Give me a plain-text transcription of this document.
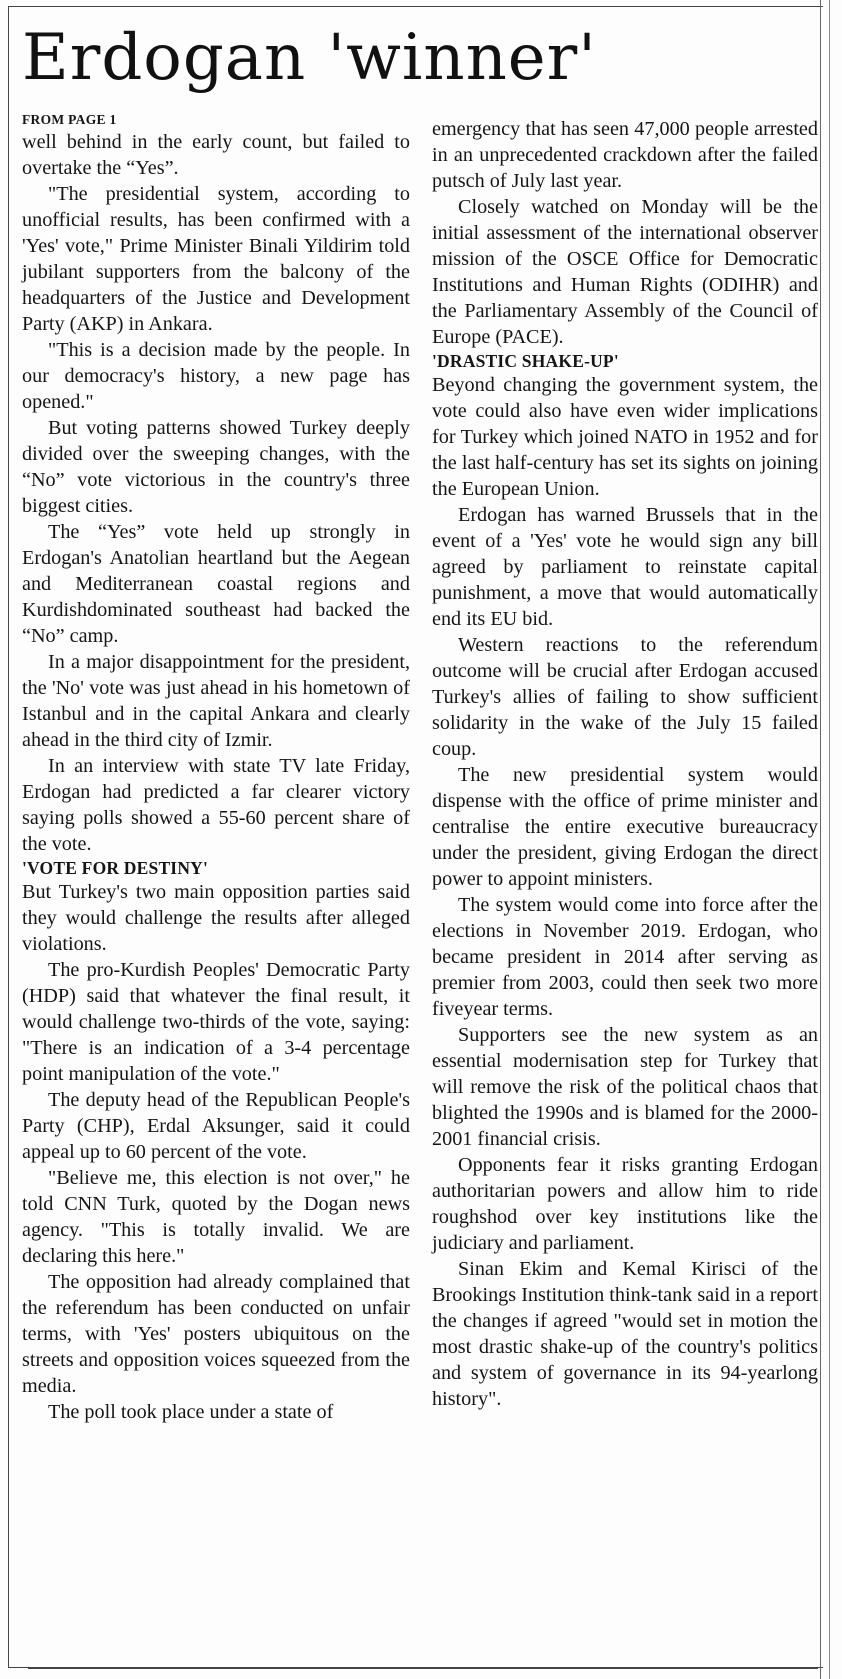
Erdogan 'winner'
FROM PAGE 1

well behind in the early count, but failed to overtake the “Yes”.

"The presidential system, according to unofficial results, has been confirmed with a 'Yes' vote," Prime Minister Binali Yildirim told jubilant supporters from the balcony of the headquarters of the Justice and Development Party (AKP) in Ankara.

"This is a decision made by the people. In our democracy's history, a new page has opened."

But voting patterns showed Turkey deeply divided over the sweeping changes, with the “No” vote victorious in the country's three biggest cities.

The “Yes” vote held up strongly in Erdogan's Anatolian heartland but the Aegean and Mediterranean coastal regions and Kurdishdominated southeast had backed the “No” camp.

In a major disappointment for the president, the 'No' vote was just ahead in his hometown of Istanbul and in the capital Ankara and clearly ahead in the third city of Izmir.

In an interview with state TV late Friday, Erdogan had predicted a far clearer victory saying polls showed a 55-60 percent share of the vote.

'VOTE FOR DESTINY'

But Turkey's two main opposition parties said they would challenge the results after alleged violations.

The pro-Kurdish Peoples' Democratic Party (HDP) said that whatever the final result, it would challenge two-thirds of the vote, saying: "There is an indication of a 3-4 percentage point manipulation of the vote."

The deputy head of the Republican People's Party (CHP), Erdal Aksunger, said it could appeal up to 60 percent of the vote.

"Believe me, this election is not over," he told CNN Turk, quoted by the Dogan news agency. "This is totally invalid. We are declaring this here."

The opposition had already complained that the referendum has been conducted on unfair terms, with 'Yes' posters ubiquitous on the streets and opposition voices squeezed from the media.

The poll took place under a state of

emergency that has seen 47,000 people arrested in an unprecedented crackdown after the failed putsch of July last year.

Closely watched on Monday will be the initial assessment of the international observer mission of the OSCE Office for Democratic Institutions and Human Rights (ODIHR) and the Parliamentary Assembly of the Council of Europe (PACE).

'DRASTIC SHAKE-UP'

Beyond changing the government system, the vote could also have even wider implications for Turkey which joined NATO in 1952 and for the last half-century has set its sights on joining the European Union.

Erdogan has warned Brussels that in the event of a 'Yes' vote he would sign any bill agreed by parliament to reinstate capital punishment, a move that would automatically end its EU bid.

Western reactions to the referendum outcome will be crucial after Erdogan accused Turkey's allies of failing to show sufficient solidarity in the wake of the July 15 failed coup.

The new presidential system would dispense with the office of prime minister and centralise the entire executive bureaucracy under the president, giving Erdogan the direct power to appoint ministers.

The system would come into force after the elections in November 2019. Erdogan, who became president in 2014 after serving as premier from 2003, could then seek two more fiveyear terms.

Supporters see the new system as an essential modernisation step for Turkey that will remove the risk of the political chaos that blighted the 1990s and is blamed for the 2000-2001 financial crisis.

Opponents fear it risks granting Erdogan authoritarian powers and allow him to ride roughshod over key institutions like the judiciary and parliament.

Sinan Ekim and Kemal Kirisci of the Brookings Institution think-tank said in a report the changes if agreed "would set in motion the most drastic shake-up of the country's politics and system of governance in its 94-yearlong history".
